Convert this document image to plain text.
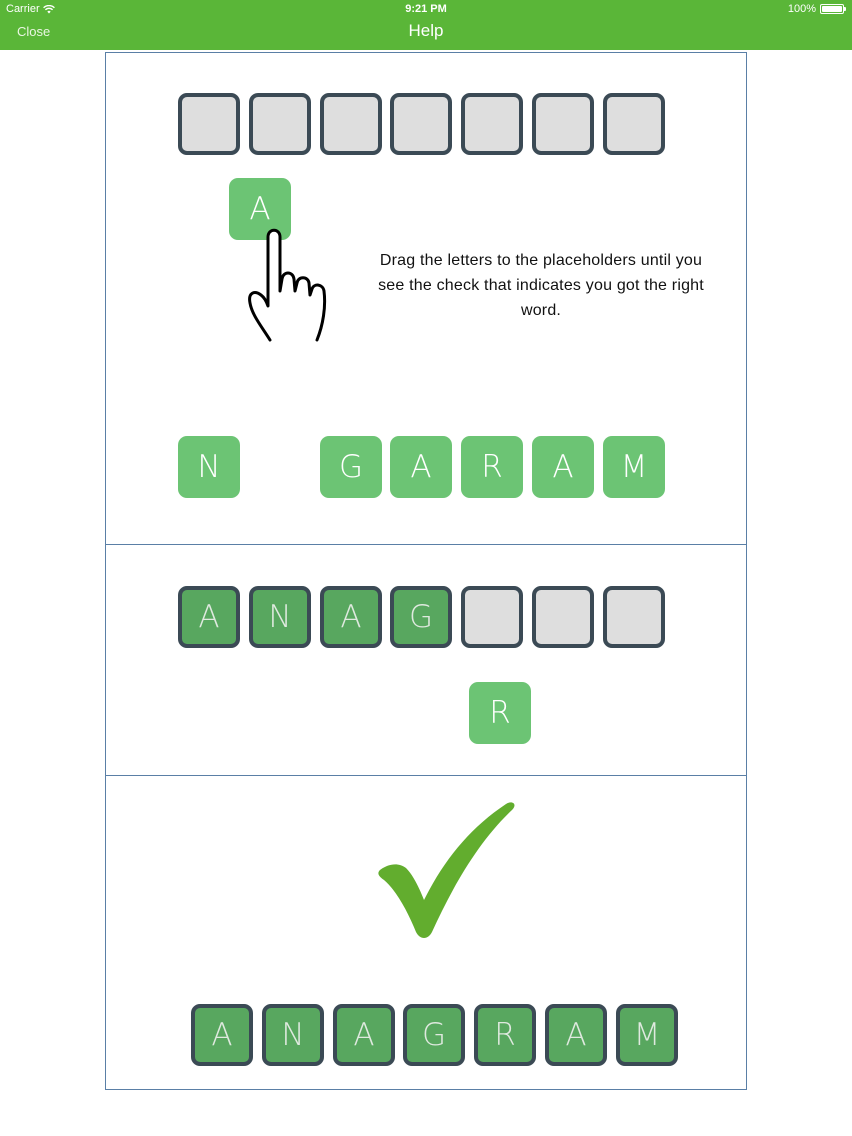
Carrier	9:21 PM	100%
Close	Help
A
Drag the letters to the placeholders until you see the check that indicates you got the right word.
N	G	A	R	A	M
A	N	A	G
R
A	N	A	G	R	A	M
